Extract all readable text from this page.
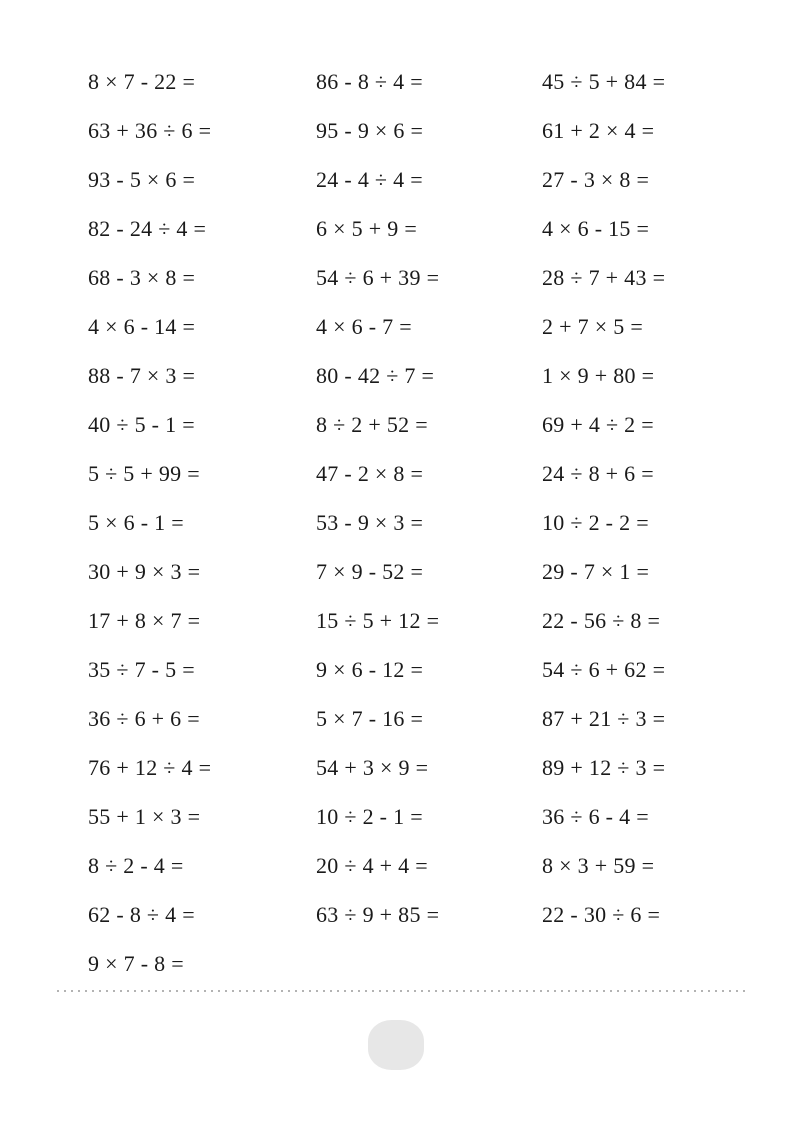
8 × 7 - 22 =
63 + 36 ÷ 6 =
93 - 5 × 6 =
82 - 24 ÷ 4 =
68 - 3 × 8 =
4 × 6 - 14 =
88 - 7 × 3 =
40 ÷ 5 - 1 =
5 ÷ 5 + 99 =
5 × 6 - 1 =
30 + 9 × 3 =
17 + 8 × 7 =
35 ÷ 7 - 5 =
36 ÷ 6 + 6 =
76 + 12 ÷ 4 =
55 + 1 × 3 =
8 ÷ 2 - 4 =
62 - 8 ÷ 4 =
9 × 7 - 8 =
86 - 8 ÷ 4 =
95 - 9 × 6 =
24 - 4 ÷ 4 =
6 × 5 + 9 =
54 ÷ 6 + 39 =
4 × 6 - 7 =
80 - 42 ÷ 7 =
8 ÷ 2 + 52 =
47 - 2 × 8 =
53 - 9 × 3 =
7 × 9 - 52 =
15 ÷ 5 + 12 =
9 × 6 - 12 =
5 × 7 - 16 =
54 + 3 × 9 =
10 ÷ 2 - 1 =
20 ÷ 4 + 4 =
63 ÷ 9 + 85 =
45 ÷ 5 + 84 =
61 + 2 × 4 =
27 - 3 × 8 =
4 × 6 - 15 =
28 ÷ 7 + 43 =
2 + 7 × 5 =
1 × 9 + 80 =
69 + 4 ÷ 2 =
24 ÷ 8 + 6 =
10 ÷ 2 - 2 =
29 - 7 × 1 =
22 - 56 ÷ 8 =
54 ÷ 6 + 62 =
87 + 21 ÷ 3 =
89 + 12 ÷ 3 =
36 ÷ 6 - 4 =
8 × 3 + 59 =
22 - 30 ÷ 6 =
